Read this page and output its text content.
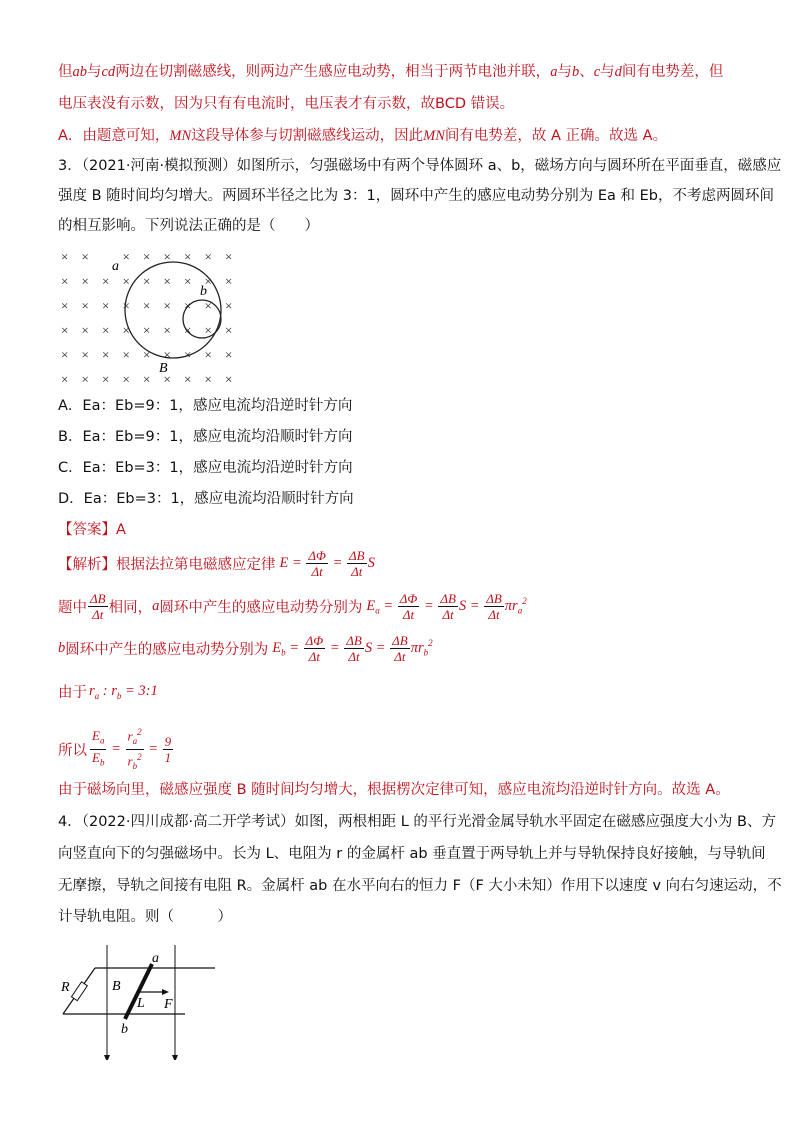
但ab与cd两边在切割磁感线，则两边产生感应电动势，相当于两节电池并联，a与b、c与d间有电势差，但
电压表没有示数，因为只有有电流时，电压表才有示数，故BCD 错误。
A．由题意可知，MN这段导体参与切割磁感线运动，因此MN间有电势差，故 A 正确。故选 A。
3．（2021·河南·模拟预测）如图所示，匀强磁场中有两个导体圆环 a、b，磁场方向与圆环所在平面垂直，磁感应
强度 B 随时间均匀增大。两圆环半径之比为 3：1，圆环中产生的感应电动势分别为 Ea 和 Eb，不考虑两圆环间
的相互影响。下列说法正确的是（　　）
× ×	× × × × × ×
× × × × × × × × ×
× × × × × × × × ×
× × × × × × × × ×
× × × × × × × × ×
× × × × × × × × ×
a
b
B
A．Ea：Eb=9：1，感应电流均沿逆时针方向
B．Ea：Eb=9：1，感应电流均沿顺时针方向
C．Ea：Eb=3：1，感应电流均沿逆时针方向
D．Ea：Eb=3：1，感应电流均沿顺时针方向
【答案】A
【解析】 根据法拉第电磁感应定律 $E = \frac{\Delta\Phi}{\Delta t} = \frac{\Delta B}{\Delta t}$ S
题中 $\frac{\Delta B}{\Delta t}$ 相同， a 圆环中产生的感应电动势分别为 $E_a = \frac{\Delta\Phi}{\Delta t} = \frac{\Delta B}{\Delta t}$ $S = \frac{\Delta B}{\Delta t} \pi r_a^2$
b 圆环中产生的感应电动势分别为 $E_b = \frac{\Delta\Phi}{\Delta t} = \frac{\Delta B}{\Delta t}$ $S = \frac{\Delta B}{\Delta t} \pi r_b^2$
由于 $r_a$ : $r_b$ = 3:1
所以 $\frac{E_a}{E_b} = \frac{r_a^2}{r_b^2} = \frac{9}{1}$
由于磁场向里，磁感应强度 B 随时间均匀增大，根据楞次定律可知，感应电流均沿逆时针方向。故选 A。
4．（2022·四川成都·高二开学考试）如图，两根相距 L 的平行光滑金属导轨水平固定在磁感应强度大小为 B、方
向竖直向下的匀强磁场中。长为 L、电阻为 r 的金属杆 ab 垂直置于两导轨上并与导轨保持良好接触，与导轨间
无摩擦，导轨之间接有电阻 R。金属杆 ab 在水平向右的恒力 F（F 大小未知）作用下以速度 v 向右匀速运动，不
计导轨电阻。则（　　　）
R	B
a
b
L F
